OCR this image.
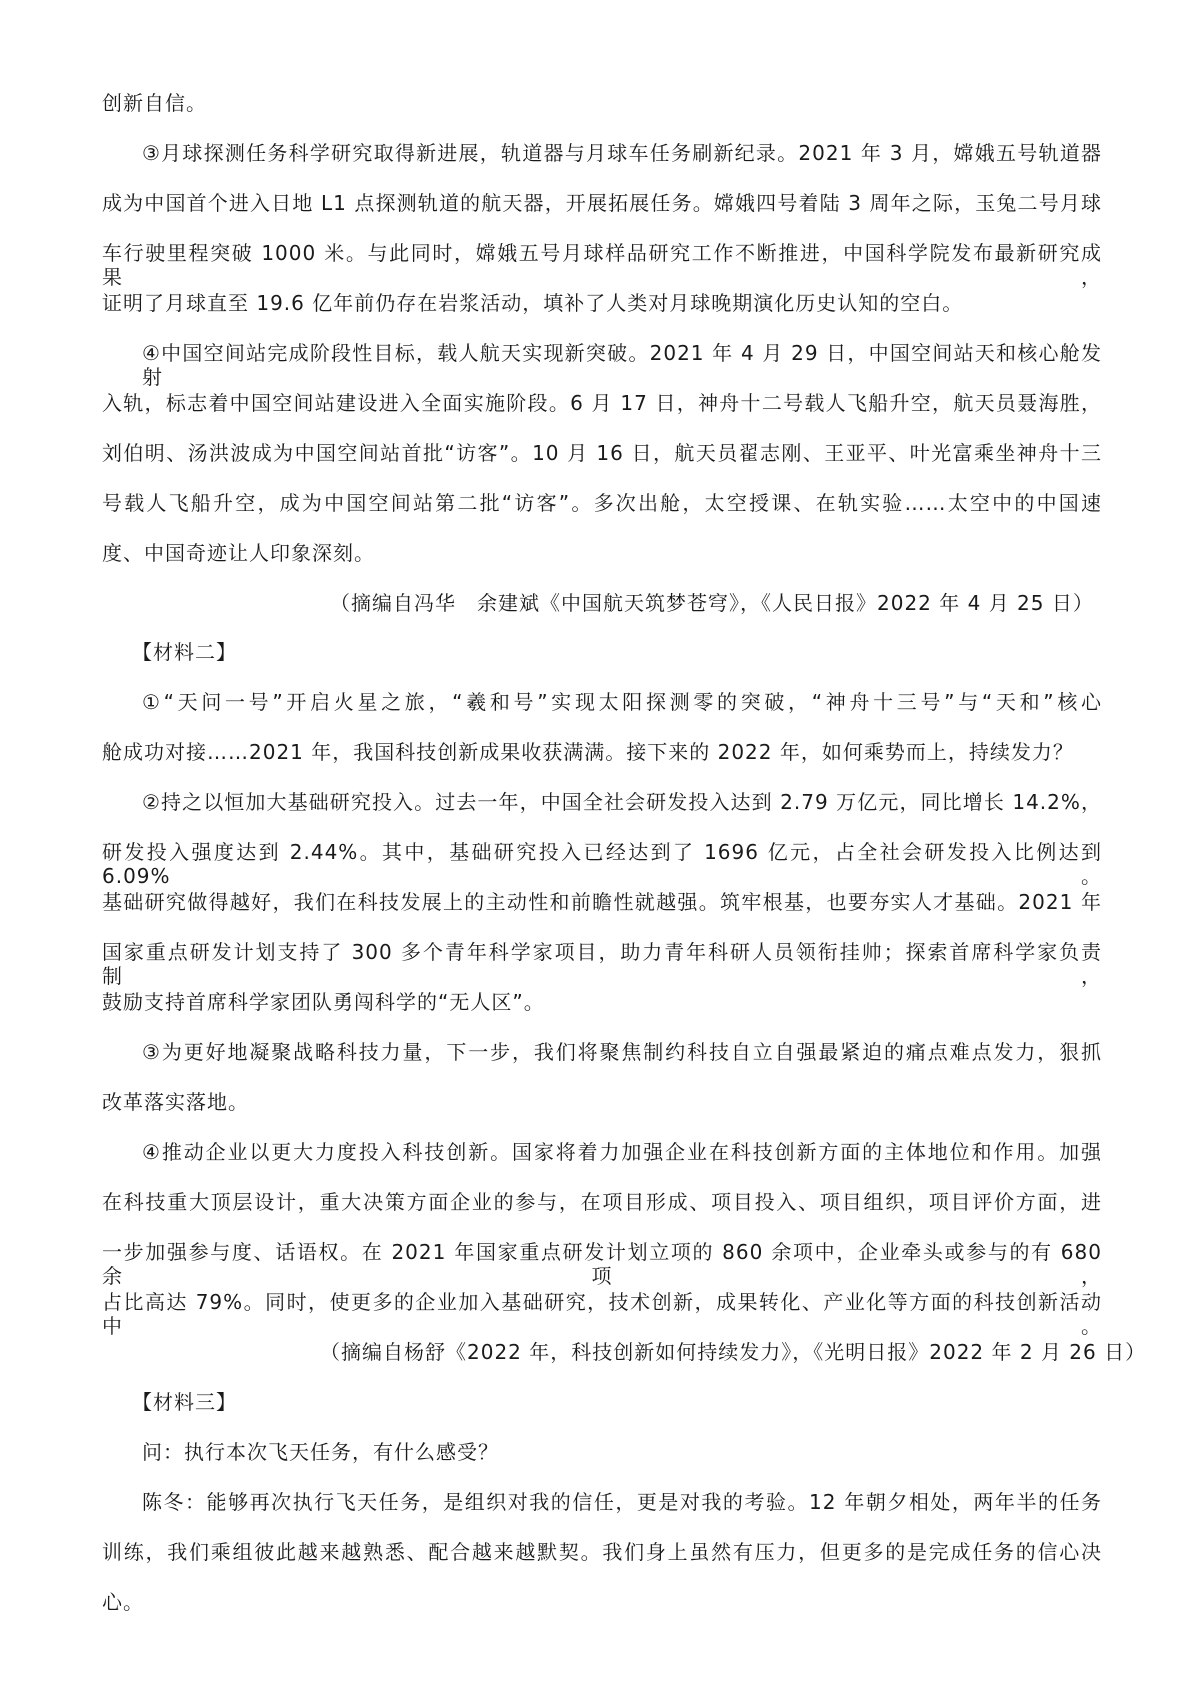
创新自信。
③月球探测任务科学研究取得新进展，轨道器与月球车任务刷新纪录。2021 年 3 月，嫦娥五号轨道器
成为中国首个进入日地 L1 点探测轨道的航天器，开展拓展任务。嫦娥四号着陆 3 周年之际，玉兔二号月球
车行驶里程突破 1000 米。与此同时，嫦娥五号月球样品研究工作不断推进，中国科学院发布最新研究成果，
证明了月球直至 19.6 亿年前仍存在岩浆活动，填补了人类对月球晚期演化历史认知的空白。
④中国空间站完成阶段性目标，载人航天实现新突破。2021 年 4 月 29 日，中国空间站天和核心舱发射
入轨，标志着中国空间站建设进入全面实施阶段。6 月 17 日，神舟十二号载人飞船升空，航天员聂海胜，
刘伯明、汤洪波成为中国空间站首批“访客”。10 月 16 日，航天员翟志刚、王亚平、叶光富乘坐神舟十三
号载人飞船升空，成为中国空间站第二批“访客”。多次出舱，太空授课、在轨实验……太空中的中国速
度、中国奇迹让人印象深刻。
（摘编自冯华　余建斌《中国航天筑梦苍穹》，《人民日报》2022 年 4 月 25 日）
【材料二】
①“天问一号”开启火星之旅，“羲和号”实现太阳探测零的突破，“神舟十三号”与“天和”核心
舱成功对接……2021 年，我国科技创新成果收获满满。接下来的 2022 年，如何乘势而上，持续发力？
②持之以恒加大基础研究投入。过去一年，中国全社会研发投入达到 2.79 万亿元，同比增长 14.2%，
研发投入强度达到 2.44%。其中，基础研究投入已经达到了 1696 亿元，占全社会研发投入比例达到 6.09%。
基础研究做得越好，我们在科技发展上的主动性和前瞻性就越强。筑牢根基，也要夯实人才基础。2021 年
国家重点研发计划支持了 300 多个青年科学家项目，助力青年科研人员领衔挂帅；探索首席科学家负责制，
鼓励支持首席科学家团队勇闯科学的“无人区”。
③为更好地凝聚战略科技力量，下一步，我们将聚焦制约科技自立自强最紧迫的痛点难点发力，狠抓
改革落实落地。
④推动企业以更大力度投入科技创新。国家将着力加强企业在科技创新方面的主体地位和作用。加强
在科技重大顶层设计，重大决策方面企业的参与，在项目形成、项目投入、项目组织，项目评价方面，进
一步加强参与度、话语权。在 2021 年国家重点研发计划立项的 860 余项中，企业牵头或参与的有 680 余项，
占比高达 79%。同时，使更多的企业加入基础研究，技术创新，成果转化、产业化等方面的科技创新活动中。
（摘编自杨舒《2022 年，科技创新如何持续发力》，《光明日报》2022 年 2 月 26 日）
【材料三】
问：执行本次飞天任务，有什么感受？
陈冬：能够再次执行飞天任务，是组织对我的信任，更是对我的考验。12 年朝夕相处，两年半的任务
训练，我们乘组彼此越来越熟悉、配合越来越默契。我们身上虽然有压力，但更多的是完成任务的信心决
心。
